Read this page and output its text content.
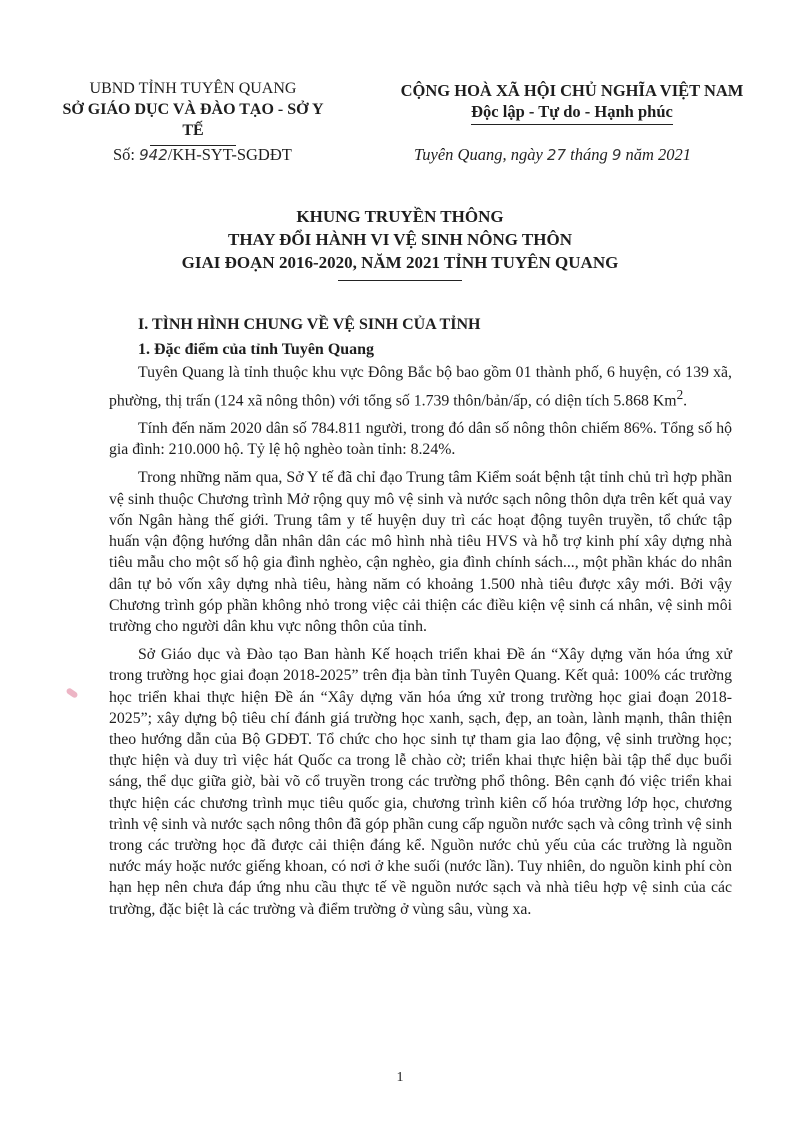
UBND TỈNH TUYÊN QUANG
SỞ GIÁO DỤC VÀ ĐÀO TẠO - SỞ Y TẾ
CỘNG HOÀ XÃ HỘI CHỦ NGHĨA VIỆT NAM
Độc lập - Tự do - Hạnh phúc
Số: 942/KH-SYT-SGDĐT	Tuyên Quang, ngày 27 tháng 9 năm 2021
KHUNG TRUYỀN THÔNG
THAY ĐỔI HÀNH VI VỆ SINH NÔNG THÔN
GIAI ĐOẠN 2016-2020, NĂM 2021 TỈNH TUYÊN QUANG
I. TÌNH HÌNH CHUNG VỀ VỆ SINH CỦA TỈNH
1. Đặc điểm của tỉnh Tuyên Quang

Tuyên Quang là tỉnh thuộc khu vực Đông Bắc bộ bao gồm 01 thành phố, 6 huyện, có 139 xã, phường, thị trấn (124 xã nông thôn) với tổng số 1.739 thôn/bản/ấp, có diện tích 5.868 Km$^2$.

Tính đến năm 2020 dân số 784.811 người, trong đó dân số nông thôn chiếm 86%. Tổng số hộ gia đình: 210.000 hộ. Tỷ lệ hộ nghèo toàn tỉnh: 8.24%.

Trong những năm qua, Sở Y tế đã chỉ đạo Trung tâm Kiểm soát bệnh tật tỉnh chủ trì hợp phần vệ sinh thuộc Chương trình Mở rộng quy mô vệ sinh và nước sạch nông thôn dựa trên kết quả vay vốn Ngân hàng thế giới. Trung tâm y tế huyện duy trì các hoạt động tuyên truyền, tổ chức tập huấn vận động hướng dẫn nhân dân các mô hình nhà tiêu HVS và hỗ trợ kinh phí xây dựng nhà tiêu mẫu cho một số hộ gia đình nghèo, cận nghèo, gia đình chính sách..., một phần khác do nhân dân tự bỏ vốn xây dựng nhà tiêu, hàng năm có khoảng 1.500 nhà tiêu được xây mới. Bởi vậy Chương trình góp phần không nhỏ trong việc cải thiện các điều kiện vệ sinh cá nhân, vệ sinh môi trường cho người dân khu vực nông thôn của tỉnh.

Sở Giáo dục và Đào tạo Ban hành Kế hoạch triển khai Đề án “Xây dựng văn hóa ứng xử trong trường học giai đoạn 2018-2025” trên địa bàn tỉnh Tuyên Quang. Kết quả: 100% các trường học triển khai thực hiện Đề án “Xây dựng văn hóa ứng xử trong trường học giai đoạn 2018-2025”; xây dựng bộ tiêu chí đánh giá trường học xanh, sạch, đẹp, an toàn, lành mạnh, thân thiện theo hướng dẫn của Bộ GDĐT. Tổ chức cho học sinh tự tham gia lao động, vệ sinh trường học; thực hiện và duy trì việc hát Quốc ca trong lễ chào cờ; triển khai thực hiện bài tập thể dục buổi sáng, thể dục giữa giờ, bài võ cổ truyền trong các trường phổ thông. Bên cạnh đó việc triển khai thực hiện các chương trình mục tiêu quốc gia, chương trình kiên cố hóa trường lớp học, chương trình vệ sinh và nước sạch nông thôn đã góp phần cung cấp nguồn nước sạch và công trình vệ sinh trong các trường học đã được cải thiện đáng kể. Nguồn nước chủ yếu của các trường là nguồn nước máy hoặc nước giếng khoan, có nơi ở khe suối (nước lần). Tuy nhiên, do nguồn kinh phí còn hạn hẹp nên chưa đáp ứng nhu cầu thực tế về nguồn nước sạch và nhà tiêu hợp vệ sinh của các trường, đặc biệt là các trường và điểm trường ở vùng sâu, vùng xa.

1
